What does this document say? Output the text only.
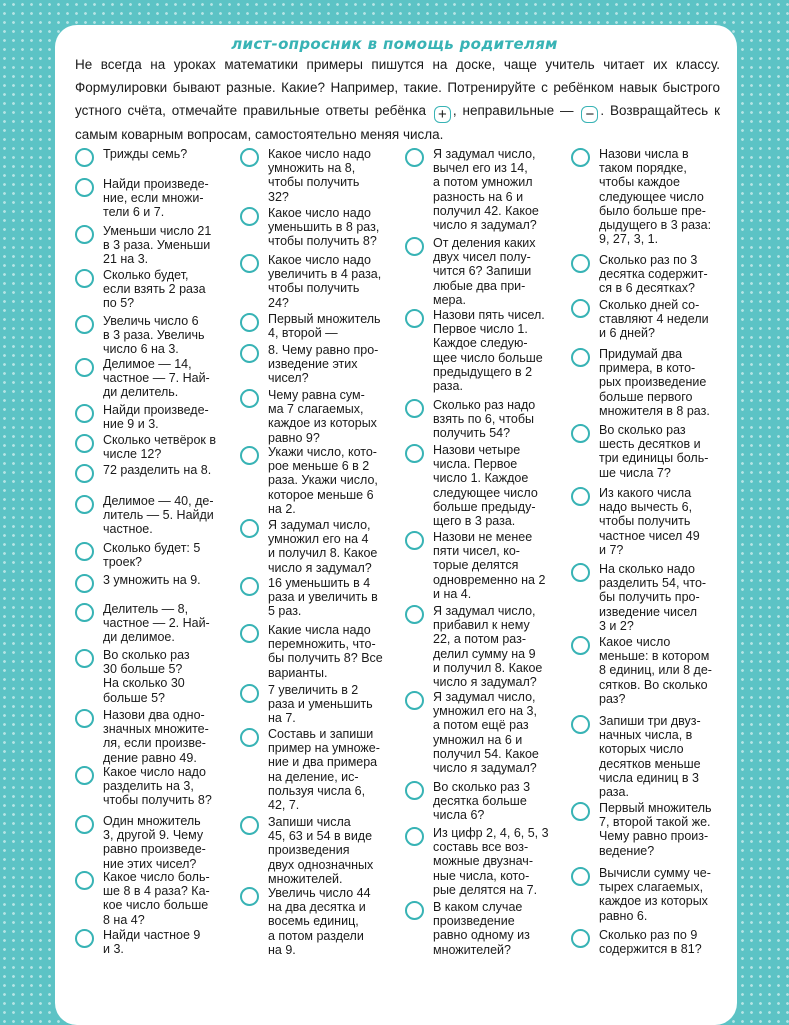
лист-опросник в помощь родителям
Не всегда на уроках математики примеры пишутся на доске, чаще учитель читает их классу. Формулировки бывают разные. Какие? Например, такие. Потренируйте с ребёнком навык быстрого устного счёта, отмечайте правильные ответы ребёнка + , неправильные — − . Возвращайтесь к самым коварным вопросам, самостоятельно меняя числа.
Трижды семь?
Найди произведе-
ние, если множи-
тели 6 и 7.
Уменьши число 21
в 3 раза. Уменьши
21 на 3.
Сколько будет,
если взять 2 раза
по 5?
Увеличь число 6
в 3 раза. Увеличь
число 6 на 3.
Делимое — 14,
частное — 7. Най-
ди делитель.
Найди произведе-
ние 9 и 3.
Сколько четвёрок в
числе 12?
72 разделить на 8.
Делимое — 40, де-
литель — 5. Найди
частное.
Сколько будет: 5
троек?
3 умножить на 9.
Делитель — 8,
частное — 2. Най-
ди делимое.
Во сколько раз
30 больше 5?
На сколько 30
больше 5?
Назови два одно-
значных множите-
ля, если произве-
дение равно 49.
Какое число надо
разделить на 3,
чтобы получить 8?
Один множитель
3, другой 9. Чему
равно произведе-
ние этих чисел?
Какое число боль-
ше 8 в 4 раза? Ка-
кое число больше
8 на 4?
Найди частное 9
и 3.
Какое число надо
умножить на 8,
чтобы получить
32?
Какое число надо
уменьшить в 8 раз,
чтобы получить 8?
Какое число надо
увеличить в 4 раза,
чтобы получить
24?
Первый множитель
4, второй —
8. Чему равно про-
изведение этих
чисел?
Чему равна сум-
ма 7 слагаемых,
каждое из которых
равно 9?
Укажи число, кото-
рое меньше 6 в 2
раза. Укажи число,
которое меньше 6
на 2.
Я задумал число,
умножил его на 4
и получил 8. Какое
число я задумал?
16 уменьшить в 4
раза и увеличить в
5 раз.
Какие числа надо
перемножить, что-
бы получить 8? Все
варианты.
7 увеличить в 2
раза и уменьшить
на 7.
Составь и запиши
пример на умноже-
ние и два примера
на деление, ис-
пользуя числа 6,
42, 7.
Запиши числа
45, 63 и 54 в виде
произведения
двух однозначных
множителей.
Увеличь число 44
на два десятка и
восемь единиц,
а потом раздели
на 9.
Я задумал число,
вычел его из 14,
а потом умножил
разность на 6 и
получил 42. Какое
число я задумал?
От деления каких
двух чисел полу-
чится 6? Запиши
любые два при-
мера.
Назови пять чисел.
Первое число 1.
Каждое следую-
щее число больше
предыдущего в 2
раза.
Сколько раз надо
взять по 6, чтобы
получить 54?
Назови четыре
числа. Первое
число 1. Каждое
следующее число
больше предыду-
щего в 3 раза.
Назови не менее
пяти чисел, ко-
торые делятся
одновременно на 2
и на 4.
Я задумал число,
прибавил к нему
22, а потом раз-
делил сумму на 9
и получил 8. Какое
число я задумал?
Я задумал число,
умножил его на 3,
а потом ещё раз
умножил на 6 и
получил 54. Какое
число я задумал?
Во сколько раз 3
десятка больше
числа 6?
Из цифр 2, 4, 6, 5, 3
составь все воз-
можные двузнач-
ные числа, кото-
рые делятся на 7.
В каком случае
произведение
равно одному из
множителей?
Назови числа в
таком порядке,
чтобы каждое
следующее число
было больше пре-
дыдущего в 3 раза:
9, 27, 3, 1.
Сколько раз по 3
десятка содержит-
ся в 6 десятках?
Сколько дней со-
ставляют 4 недели
и 6 дней?
Придумай два
примера, в кото-
рых произведение
больше первого
множителя в 8 раз.
Во сколько раз
шесть десятков и
три единицы боль-
ше числа 7?
Из какого числа
надо вычесть 6,
чтобы получить
частное чисел 49
и 7?
На сколько надо
разделить 54, что-
бы получить про-
изведение чисел
3 и 2?
Какое число
меньше: в котором
8 единиц, или 8 де-
сятков. Во сколько
раз?
Запиши три двуз-
начных числа, в
которых число
десятков меньше
числа единиц в 3
раза.
Первый множитель
7, второй такой же.
Чему равно произ-
ведение?
Вычисли сумму че-
тырех слагаемых,
каждое из которых
равно 6.
Сколько раз по 9
содержится в 81?
